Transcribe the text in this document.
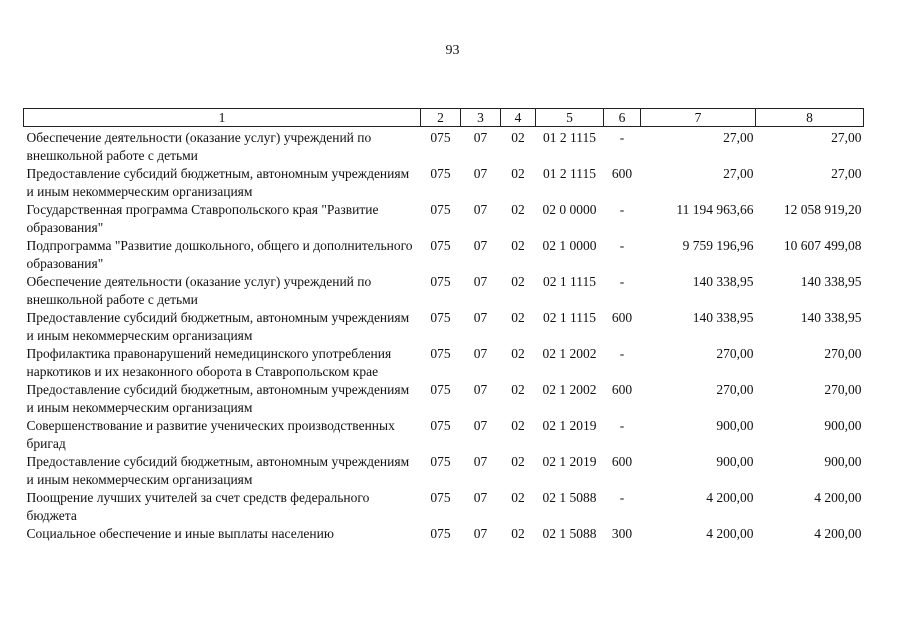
93
1	2	3	4	5	6	7	8
Обеспечение деятельности (оказание услуг) учреждений по внешкольной работе с детьми	075	07	02	01 2 1115	-	27,00	27,00
Предоставление субсидий бюджетным, автономным учреждениям и иным некоммерческим организациям	075	07	02	01 2 1115	600	27,00	27,00
Государственная программа Ставропольского края "Развитие образования"	075	07	02	02 0 0000	-	11 194 963,66	12 058 919,20
Подпрограмма "Развитие дошкольного, общего и дополнительного образования"	075	07	02	02 1 0000	-	9 759 196,96	10 607 499,08
Обеспечение деятельности (оказание услуг) учреждений по внешкольной работе с детьми	075	07	02	02 1 1115	-	140 338,95	140 338,95
Предоставление субсидий бюджетным, автономным учреждениям и иным некоммерческим организациям	075	07	02	02 1 1115	600	140 338,95	140 338,95
Профилактика правонарушений немедицинского употребления наркотиков и их незаконного оборота в Ставропольском крае	075	07	02	02 1 2002	-	270,00	270,00
Предоставление субсидий бюджетным, автономным учреждениям и иным некоммерческим организациям	075	07	02	02 1 2002	600	270,00	270,00
Совершенствование и развитие ученических производственных бригад	075	07	02	02 1 2019	-	900,00	900,00
Предоставление субсидий бюджетным, автономным учреждениям и иным некоммерческим организациям	075	07	02	02 1 2019	600	900,00	900,00
Поощрение лучших учителей за счет средств федерального бюджета	075	07	02	02 1 5088	-	4 200,00	4 200,00
Социальное обеспечение и иные выплаты населению	075	07	02	02 1 5088	300	4 200,00	4 200,00
